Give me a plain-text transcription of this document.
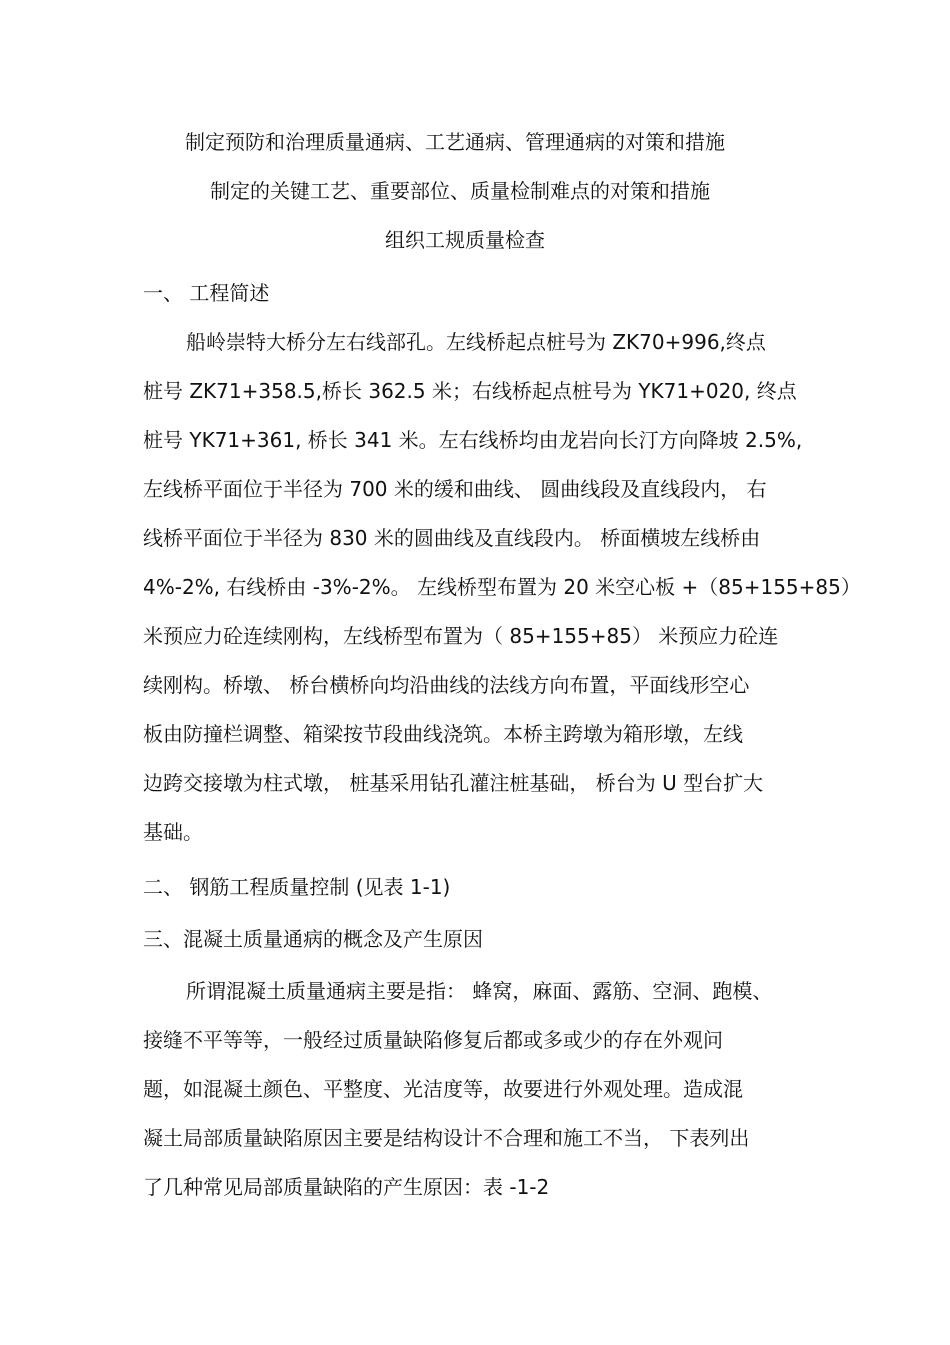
制定预防和治理质量通病、工艺通病、管理通病的对策和措施
制定的关键工艺、重要部位、质量检制难点的对策和措施
组织工规质量检查
一、 工程简述
船岭崇特大桥分左右线部孔。左线桥起点桩号为 ZK70+996,终点
桩号 ZK71+358.5,桥长 362.5 米；右线桥起点桩号为 YK71+020, 终点
桩号 YK71+361, 桥长 341 米。左右线桥均由龙岩向长汀方向降坡 2.5%,
左线桥平面位于半径为 700 米的缓和曲线、 圆曲线段及直线段内， 右
线桥平面位于半径为 830 米的圆曲线及直线段内。 桥面横坡左线桥由
4%-2%, 右线桥由 -3%-2%。 左线桥型布置为 20 米空心板 +（85+155+85）
米预应力砼连续刚构，左线桥型布置为（ 85+155+85） 米预应力砼连
续刚构。桥墩、 桥台横桥向均沿曲线的法线方向布置，平面线形空心
板由防撞栏调整、箱梁按节段曲线浇筑。本桥主跨墩为箱形墩，左线
边跨交接墩为柱式墩， 桩基采用钻孔灌注桩基础， 桥台为 U 型台扩大
基础。
二、 钢筋工程质量控制 (见表 1-1)
三、混凝土质量通病的概念及产生原因
所谓混凝土质量通病主要是指： 蜂窝，麻面、露筋、空洞、跑模、
接缝不平等等，一般经过质量缺陷修复后都或多或少的存在外观问
题，如混凝土颜色、平整度、光洁度等，故要进行外观处理。造成混
凝土局部质量缺陷原因主要是结构设计不合理和施工不当， 下表列出
了几种常见局部质量缺陷的产生原因：表 -1-2
